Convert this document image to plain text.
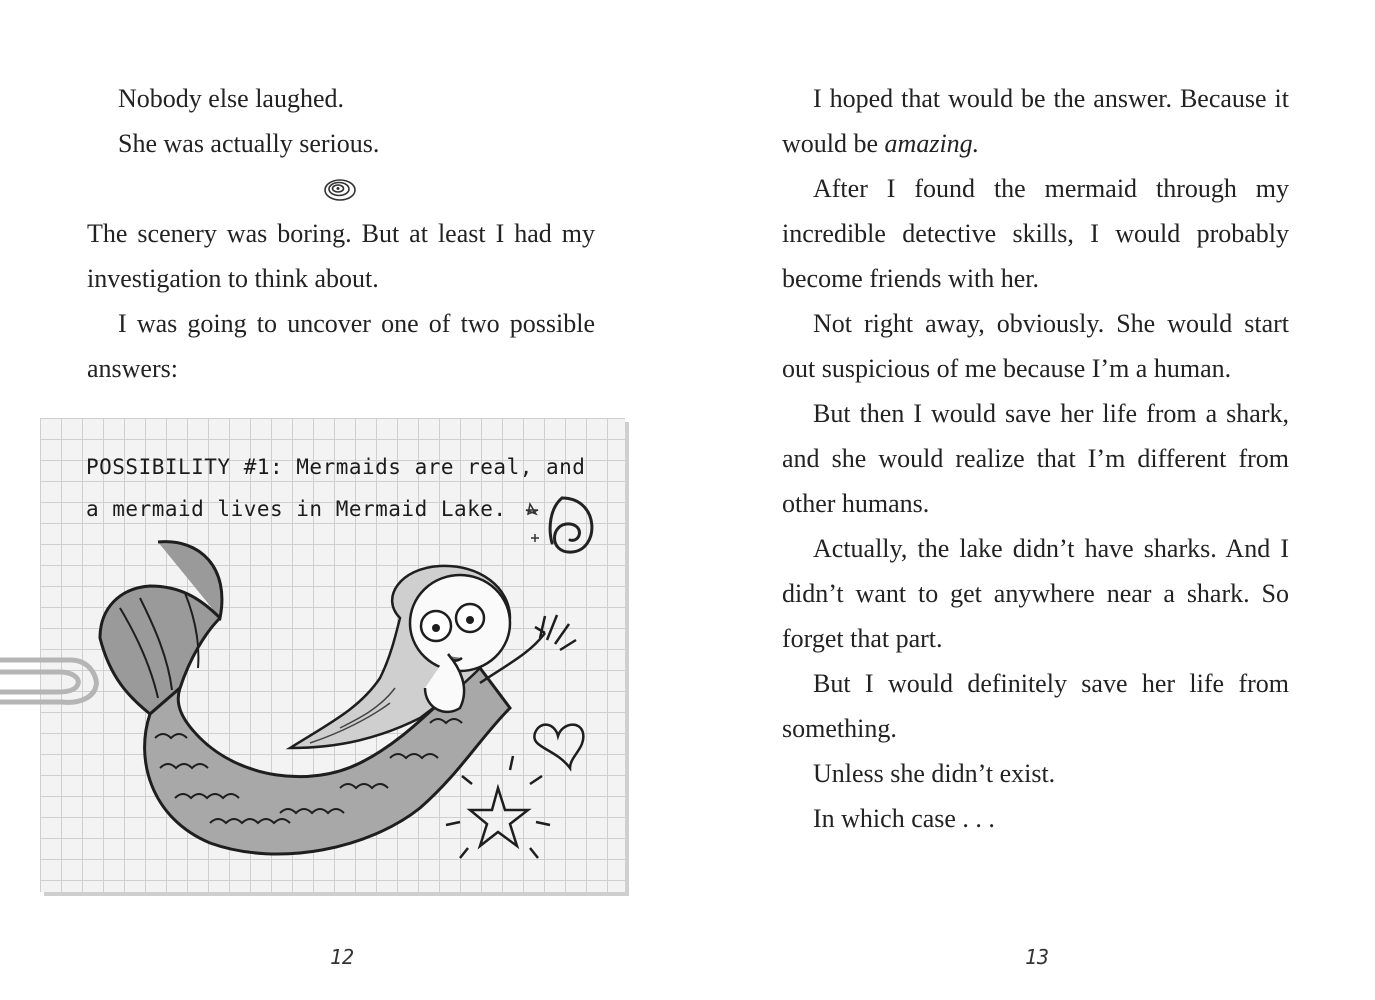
Nobody else laughed.

She was actually serious.

The scenery was boring. But at least I had my investigation to think about.

I was going to uncover one of two possible answers:

POSSIBILITY #1: Mermaids are real, and a mermaid lives in Mermaid Lake.
12

I hoped that would be the answer. Because it would be amazing.

After I found the mermaid through my incredible detective skills, I would probably become friends with her.

Not right away, obviously. She would start out suspicious of me because I’m a human.

But then I would save her life from a shark, and she would realize that I’m different from other humans.

Actually, the lake didn’t have sharks. And I didn’t want to get anywhere near a shark. So forget that part.

But I would definitely save her life from something.

Unless she didn’t exist.

In which case . . .

13
